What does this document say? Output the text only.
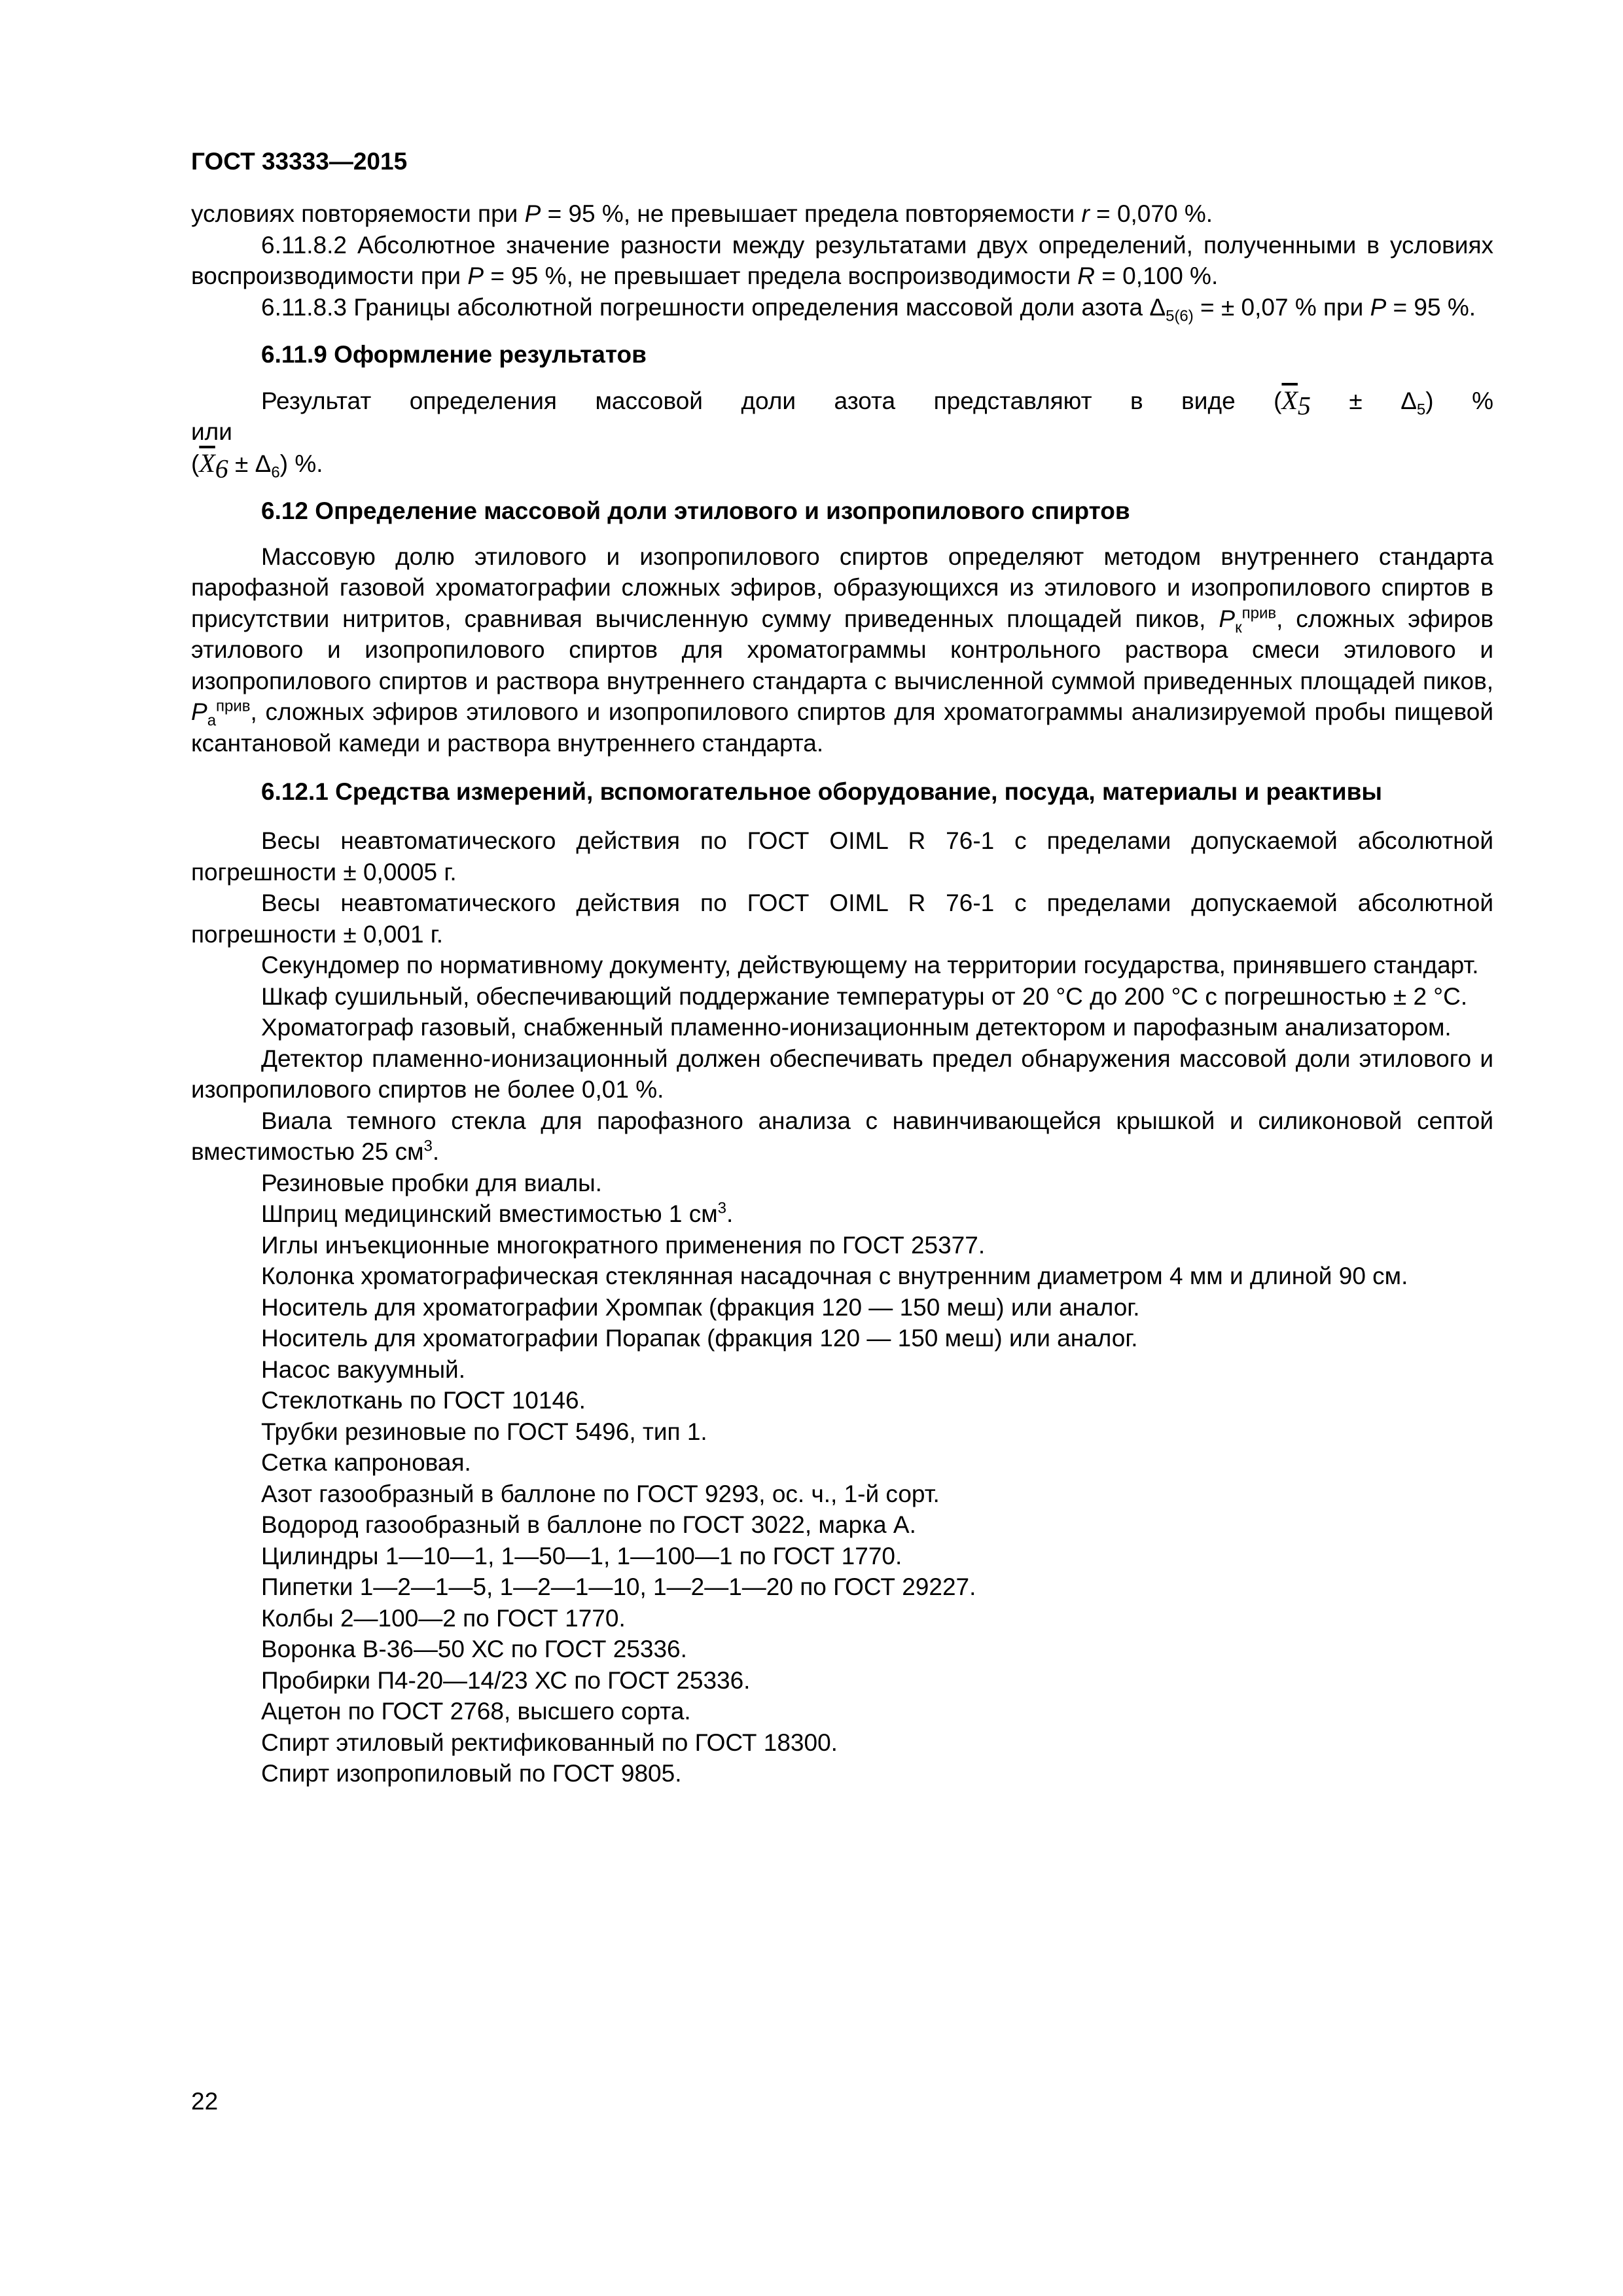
ГОСТ 33333—2015

условиях повторяемости при P = 95 %, не превышает предела повторяемости r = 0,070 %.

6.11.8.2 Абсолютное значение разности между результатами двух определений, полученными в условиях воспроизводимости при P = 95 %, не превышает предела воспроизводимости R = 0,100 %.

6.11.8.3 Границы абсолютной погрешности определения массовой доли азота $\Delta_{5(6)}$ = ± 0,07 % при P = 95 %.

6.11.9 Оформление результатов

Результат определения массовой доли азота представляют в виде $(\overline{X}_5 \pm \Delta_5)$ % или

$(\overline{X}_6 \pm \Delta_6)$ %.

6.12 Определение массовой доли этилового и изопропилового спиртов

Массовую долю этилового и изопропилового спиртов определяют методом внутреннего стандарта парофазной газовой хроматографии сложных эфиров, образующихся из этилового и изопропилового спиртов в присутствии нитритов, сравнивая вычисленную сумму приведенных площадей пиков, $P_к^{прив}$, сложных эфиров этилового и изопропилового спиртов для хроматограммы контрольного раствора смеси этилового и изопропилового спиртов и раствора внутреннего стандарта с вычисленной суммой приведенных площадей пиков, $P_а^{прив}$, сложных эфиров этилового и изопропилового спиртов для хроматограммы анализируемой пробы пищевой ксантановой камеди и раствора внутреннего стандарта.

6.12.1 Средства измерений, вспомогательное оборудование, посуда, материалы и реактивы

Весы неавтоматического действия по ГОСТ OIML R 76-1 с пределами допускаемой абсолютной погрешности ± 0,0005 г.

Весы неавтоматического действия по ГОСТ OIML R 76-1 с пределами допускаемой абсолютной погрешности ± 0,001 г.

Секундомер по нормативному документу, действующему на территории государства, принявшего стандарт.

Шкаф сушильный, обеспечивающий поддержание температуры от 20 °С до 200 °С с погрешностью ± 2 °С.

Хроматограф газовый, снабженный пламенно-ионизационным детектором и парофазным анализатором.

Детектор пламенно-ионизационный должен обеспечивать предел обнаружения массовой доли этилового и изопропилового спиртов не более 0,01 %.

Виала темного стекла для парофазного анализа с навинчивающейся крышкой и силиконовой септой вместимостью 25 $см^3$.

Резиновые пробки для виалы.

Шприц медицинский вместимостью 1 $см^3$.

Иглы инъекционные многократного применения по ГОСТ 25377.

Колонка хроматографическая стеклянная насадочная с внутренним диаметром 4 мм и длиной 90 см.

Носитель для хроматографии Хромпак (фракция 120 — 150 меш) или аналог.

Носитель для хроматографии Порапак (фракция 120 — 150 меш) или аналог.

Насос вакуумный.

Стеклоткань по ГОСТ 10146.

Трубки резиновые по ГОСТ 5496, тип 1.

Сетка капроновая.

Азот газообразный в баллоне по ГОСТ 9293, ос. ч., 1-й сорт.

Водород газообразный в баллоне по ГОСТ 3022, марка А.

Цилиндры 1—10—1, 1—50—1, 1—100—1 по ГОСТ 1770.

Пипетки 1—2—1—5, 1—2—1—10, 1—2—1—20 по ГОСТ 29227.

Колбы 2—100—2 по ГОСТ 1770.

Воронка В-36—50 ХС по ГОСТ 25336.

Пробирки П4-20—14/23 ХС по ГОСТ 25336.

Ацетон по ГОСТ 2768, высшего сорта.

Спирт этиловый ректификованный по ГОСТ 18300.

Спирт изопропиловый по ГОСТ 9805.

22
